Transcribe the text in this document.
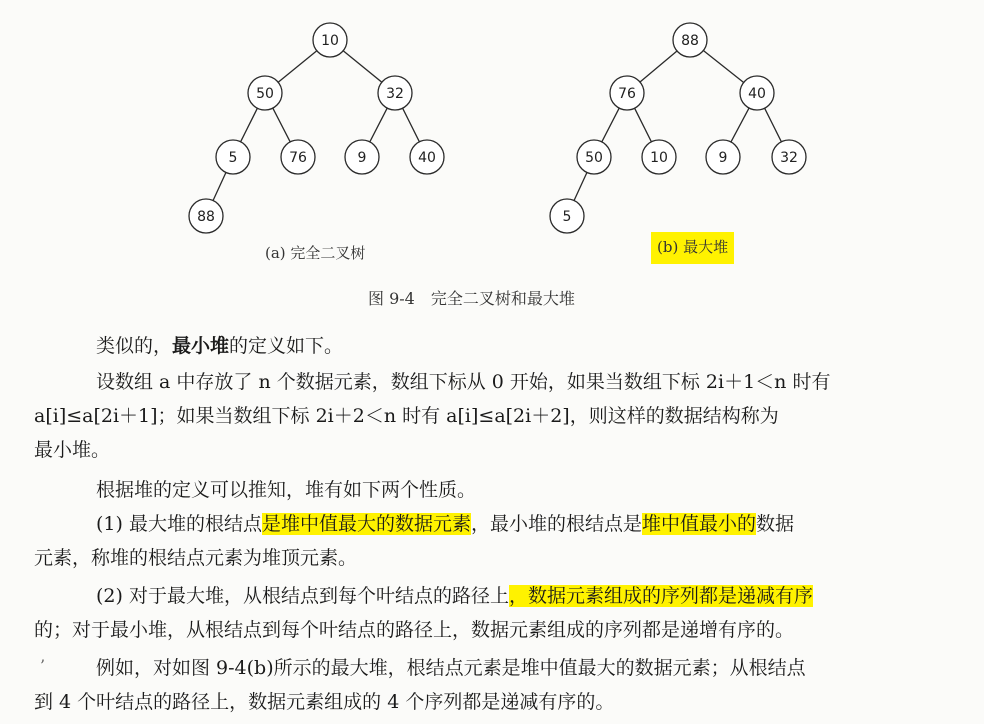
10
50	32
5	76	9	40
88
88
76	40
50	10	9	32
5
(a) 完全二叉树	(b) 最大堆
图 9-4　完全二叉树和最大堆
类似的，最小堆的定义如下。
设数组 a 中存放了 n 个数据元素，数组下标从 0 开始，如果当数组下标 2i＋1＜n 时有
a[i]≤a[2i＋1]；如果当数组下标 2i＋2＜n 时有 a[i]≤a[2i＋2]，则这样的数据结构称为
最小堆。
根据堆的定义可以推知，堆有如下两个性质。
(1) 最大堆的根结点是堆中值最大的数据元素，最小堆的根结点是堆中值最小的数据
元素，称堆的根结点元素为堆顶元素。
(2) 对于最大堆，从根结点到每个叶结点的路径上，数据元素组成的序列都是递减有序
的；对于最小堆，从根结点到每个叶结点的路径上，数据元素组成的序列都是递增有序的。
’	例如，对如图 9-4(b)所示的最大堆，根结点元素是堆中值最大的数据元素；从根结点
到 4 个叶结点的路径上，数据元素组成的 4 个序列都是递减有序的。
